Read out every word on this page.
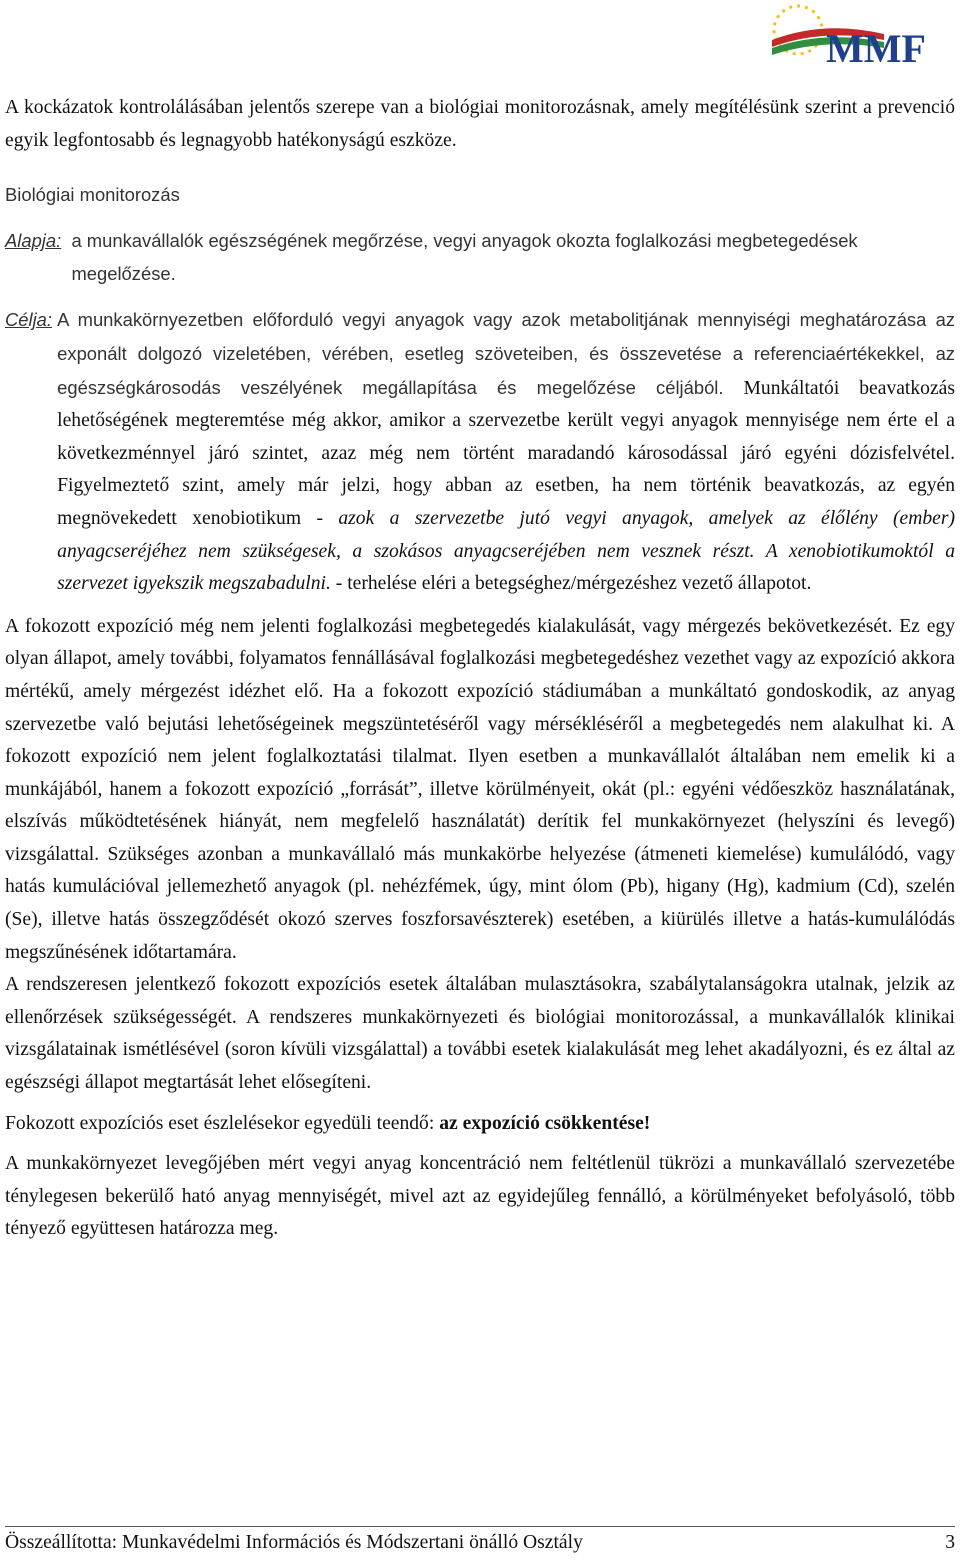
MMF

A kockázatok kontrolálásában jelentős szerepe van a biológiai monitorozásnak, amely megítélésünk szerint a prevenció egyik legfontosabb és legnagyobb hatékonyságú eszköze.

Biológiai monitorozás

Alapja: a munkavállalók egészségének megőrzése, vegyi anyagok okozta foglalkozási megbetegedések megelőzése.
Célja: A munkakörnyezetben előforduló vegyi anyagok vagy azok metabolitjának mennyiségi meghatározása az exponált dolgozó vizeletében, vérében, esetleg szöveteiben, és összevetése a referenciaértékekkel, az egészségkárosodás veszélyének megállapítása és megelőzése céljából. Munkáltatói beavatkozás lehetőségének megteremtése még akkor, amikor a szervezetbe került vegyi anyagok mennyisége nem érte el a következménnyel járó szintet, azaz még nem történt maradandó károsodással járó egyéni dózisfelvétel. Figyelmeztető szint, amely már jelzi, hogy abban az esetben, ha nem történik beavatkozás, az egyén megnövekedett xenobiotikum - azok a szervezetbe jutó vegyi anyagok, amelyek az élőlény (ember) anyagcseréjéhez nem szükségesek, a szokásos anyagcseréjében nem vesznek részt. A xenobiotikumoktól a szervezet igyekszik megszabadulni. - terhelése eléri a betegséghez/mérgezéshez vezető állapotot.

A fokozott expozíció még nem jelenti foglalkozási megbetegedés kialakulását, vagy mérgezés bekövetkezését. Ez egy olyan állapot, amely további, folyamatos fennállásával foglalkozási megbetegedéshez vezethet vagy az expozíció akkora mértékű, amely mérgezést idézhet elő. Ha a fokozott expozíció stádiumában a munkáltató gondoskodik, az anyag szervezetbe való bejutási lehetőségeinek megszüntetéséről vagy mérsékléséről a megbetegedés nem alakulhat ki. A fokozott expozíció nem jelent foglalkoztatási tilalmat. Ilyen esetben a munkavállalót általában nem emelik ki a munkájából, hanem a fokozott expozíció „forrását”, illetve körülményeit, okát (pl.: egyéni védőeszköz használatának, elszívás működtetésének hiányát, nem megfelelő használatát) derítik fel munkakörnyezet (helyszíni és levegő) vizsgálattal. Szükséges azonban a munkavállaló más munkakörbe helyezése (átmeneti kiemelése) kumulálódó, vagy hatás kumulációval jellemezhető anyagok (pl. nehézfémek, úgy, mint ólom (Pb), higany (Hg), kadmium (Cd), szelén (Se), illetve hatás összegződését okozó szerves foszforsavészterek) esetében, a kiürülés illetve a hatás-kumulálódás megszűnésének időtartamára.

A rendszeresen jelentkező fokozott expozíciós esetek általában mulasztásokra, szabálytalanságokra utalnak, jelzik az ellenőrzések szükségességét. A rendszeres munkakörnyezeti és biológiai monitorozással, a munkavállalók klinikai vizsgálatainak ismétlésével (soron kívüli vizsgálattal) a további esetek kialakulását meg lehet akadályozni, és ez által az egészségi állapot megtartását lehet elősegíteni.

Fokozott expozíciós eset észlelésekor egyedüli teendő: az expozíció csökkentése!

A munkakörnyezet levegőjében mért vegyi anyag koncentráció nem feltétlenül tükrözi a munkavállaló szervezetébe ténylegesen bekerülő ható anyag mennyiségét, mivel azt az egyidejűleg fennálló, a körülményeket befolyásoló, több tényező együttesen határozza meg.

Összeállította: Munkavédelmi Információs és Módszertani önálló Osztály	3
